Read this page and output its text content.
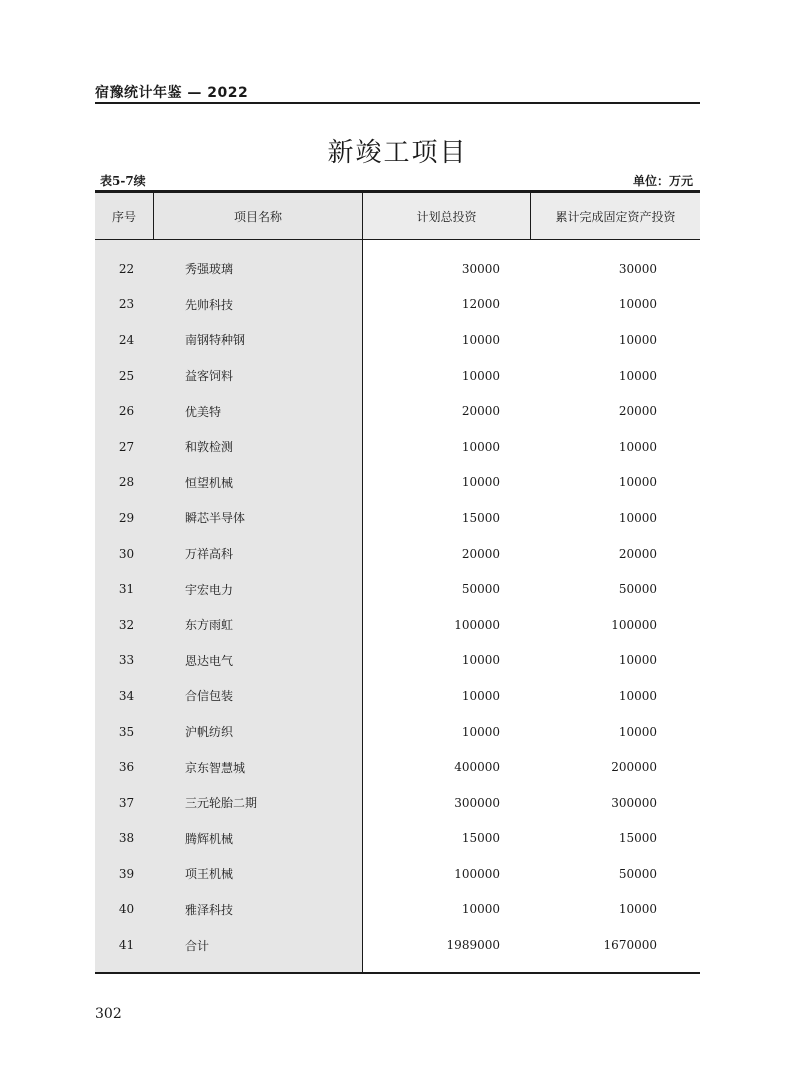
宿豫统计年鉴 — 2022
新竣工项目
表5-7续	单位：万元
序号	项目名称	计划总投资	累计完成固定资产投资
22	秀强玻璃	30000	30000
23	先帅科技	12000	10000
24	南钢特种钢	10000	10000
25	益客饲料	10000	10000
26	优美特	20000	20000
27	和敦检测	10000	10000
28	恒望机械	10000	10000
29	瞬芯半导体	15000	10000
30	万祥高科	20000	20000
31	宇宏电力	50000	50000
32	东方雨虹	100000	100000
33	恩达电气	10000	10000
34	合信包装	10000	10000
35	沪帆纺织	10000	10000
36	京东智慧城	400000	200000
37	三元轮胎二期	300000	300000
38	腾辉机械	15000	15000
39	项王机械	100000	50000
40	雅泽科技	10000	10000
41	合计	1989000	1670000
302
